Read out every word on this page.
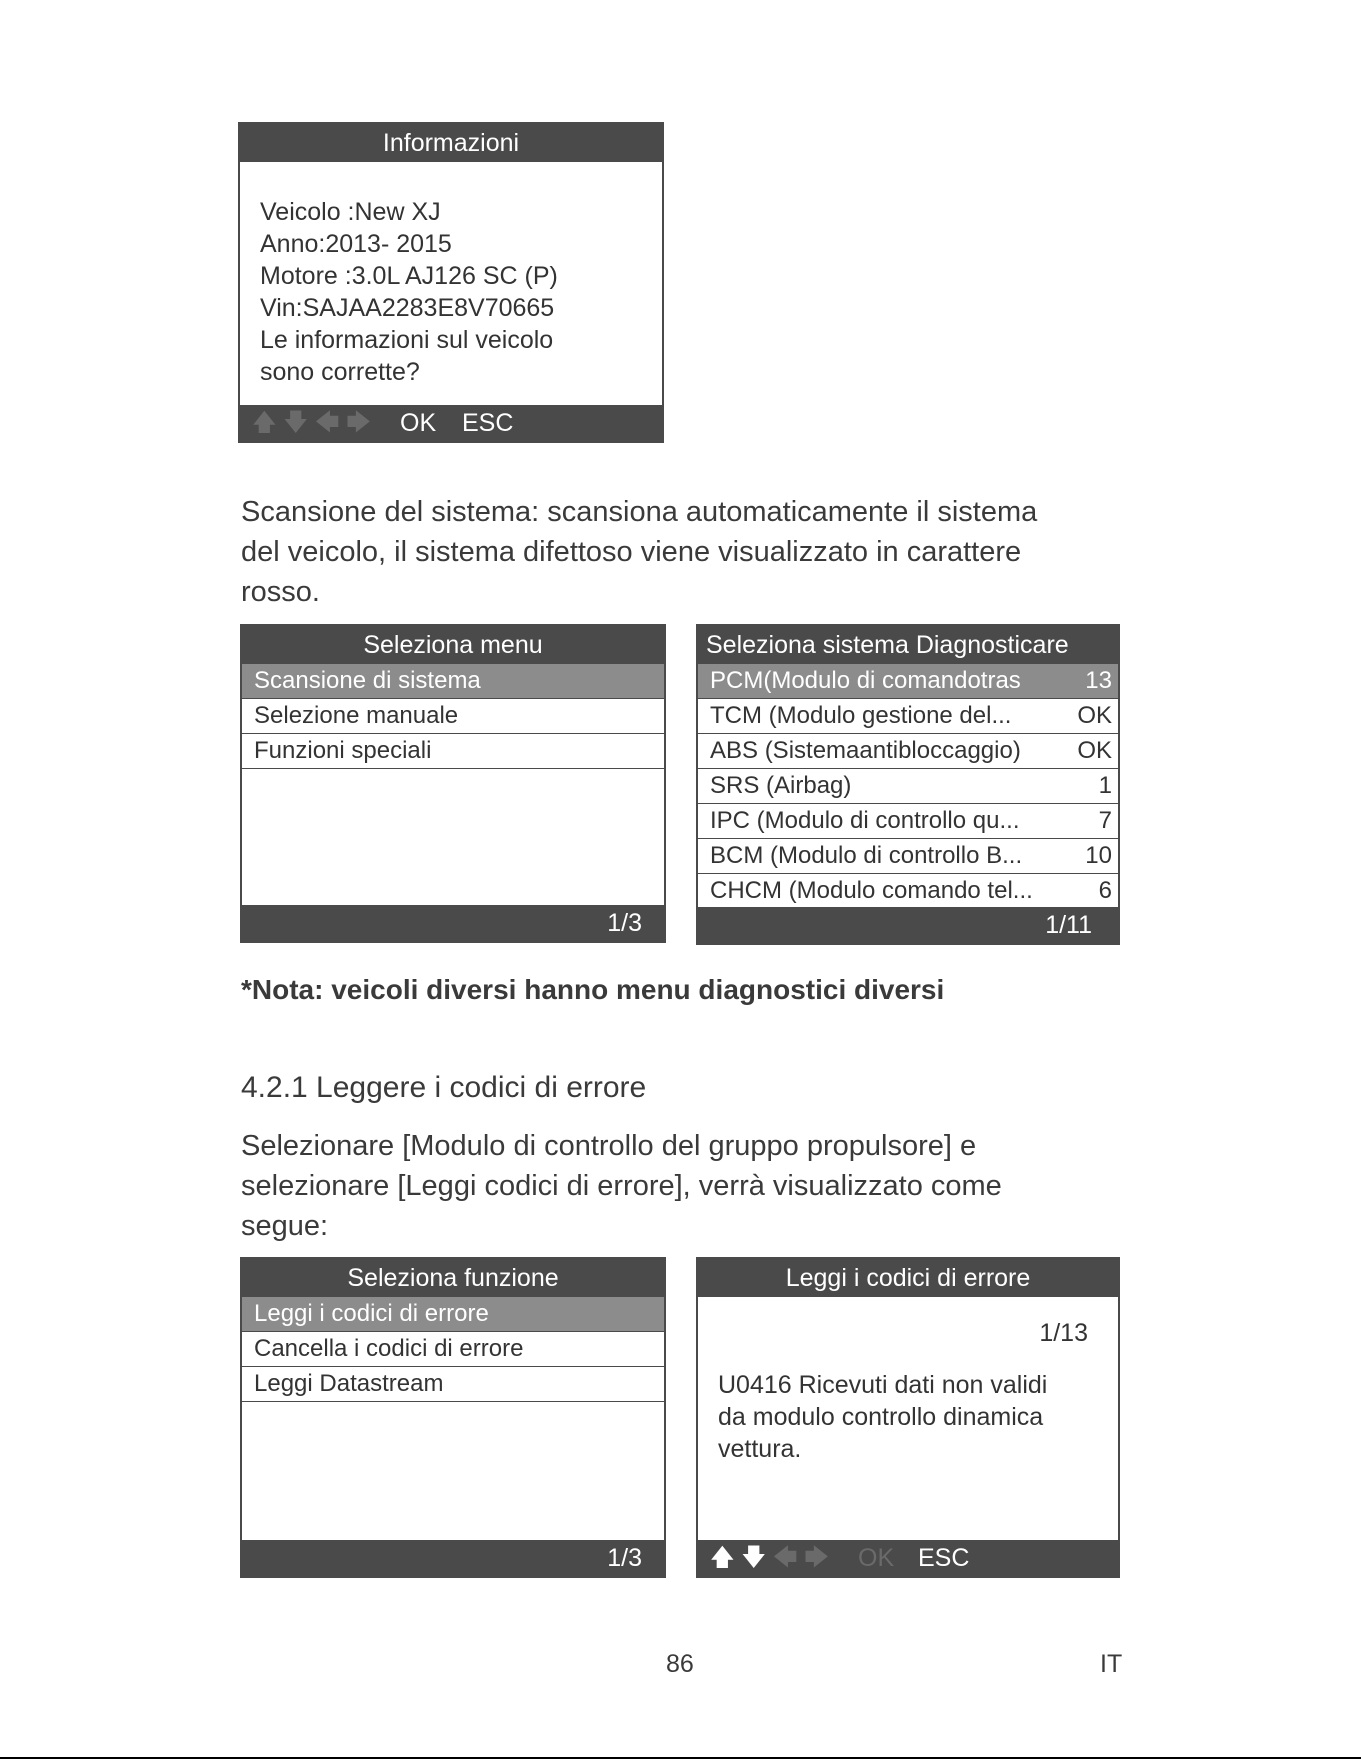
Informazioni
Veicolo :New XJ
Anno:2013- 2015
Motore :3.0L AJ126 SC (P)
Vin:SAJAA2283E8V70665
Le informazioni sul veicolo
sono corrette?
🡅 🡇 🡄 🡆 OK ESC
Scansione del sistema: scansiona automaticamente il sistema
del veicolo, il sistema difettoso viene visualizzato in carattere
rosso.
Seleziona menu
Scansione di sistema
Selezione manuale
Funzioni speciali
1/3
Seleziona sistema Diagnosticare
PCM(Modulo di comandotras	13
TCM (Modulo gestione del...	OK
ABS (Sistemaantibloccaggio) OK
SRS (Airbag)	1
IPC (Modulo di controllo qu...	7
BCM (Modulo di controllo B...	10
CHCM (Modulo comando tel...	6
1/11
*Nota: veicoli diversi hanno menu diagnostici diversi
4.2.1 Leggere i codici di errore
Selezionare [Modulo di controllo del gruppo propulsore] e
selezionare [Leggi codici di errore], verrà visualizzato come
segue:
Seleziona funzione
Leggi i codici di errore
Cancella i codici di errore
Leggi Datastream
1/3
Leggi i codici di errore
1/13
U0416 Ricevuti dati non validi
da modulo controllo dinamica
vettura.
🡅 🡇 🡄 🡆 OK ESC
86	IT
